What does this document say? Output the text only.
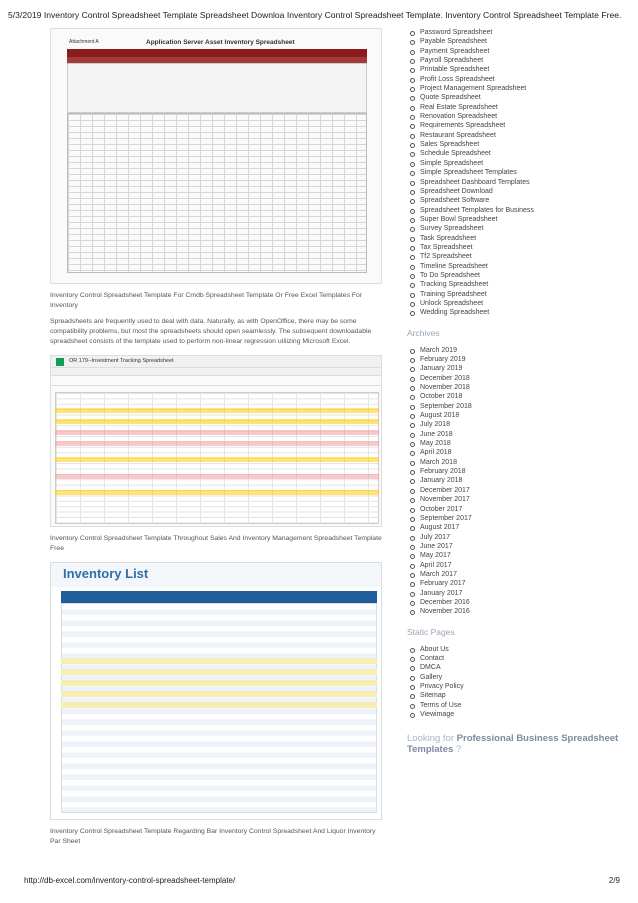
5/3/2019 Inventory Control Spreadsheet Template Spreadsheet Downloa Inventory Control Spreadsheet Template. Inventory Control Spreadsheet Template Free.
Attachment A	Application Server Asset Inventory Spreadsheet

Inventory Control Spreadsheet Template For Cmdb Spreadsheet Template Or Free Excel Templates For Inventory

Spreadsheets are frequently used to deal with data. Naturally, as with OpenOffice, there may be some compatibility problems, but most the spreadsheets should open seamlessly. The subsequent downloadable spreadsheet consists of the template used to perform non-linear regression utilizing Microsoft Excel.

OR 179--Investment Tracking Spreadsheet

Inventory Control Spreadsheet Template Throughout Sales And Inventory Management Spreadsheet Template Free

Inventory List

Inventory Control Spreadsheet Template Regarding Bar Inventory Control Spreadsheet And Liquor Inventory Par Sheet

Password Spreadsheet
Payable Spreadsheet
Payment Spreadsheet
Payroll Spreadsheet
Printable Spreadsheet
Profit Loss Spreadsheet
Project Management Spreadsheet
Quote Spreadsheet
Real Estate Spreadsheet
Renovation Spreadsheet
Requirements Spreadsheet
Restaurant Spreadsheet
Sales Spreadsheet
Schedule Spreadsheet
Simple Spreadsheet
Simple Spreadsheet Templates
Spreadsheet Dashboard Templates
Spreadsheet Download
Spreadsheet Software
Spreadsheet Templates for Business
Super Bowl Spreadsheet
Survey Spreadsheet
Task Spreadsheet
Tax Spreadsheet
Tf2 Spreadsheet
Timeline Spreadsheet
To Do Spreadsheet
Tracking Spreadsheet
Training Spreadsheet
Unlock Spreadsheet
Wedding Spreadsheet
Archives
March 2019
February 2019
January 2019
December 2018
November 2018
October 2018
September 2018
August 2018
July 2018
June 2018
May 2018
April 2018
March 2018
February 2018
January 2018
December 2017
November 2017
October 2017
September 2017
August 2017
July 2017
June 2017
May 2017
April 2017
March 2017
February 2017
January 2017
December 2016
November 2016
Static Pages
About Us
Contact
DMCA
Gallery
Privacy Policy
Sitemap
Terms of Use
Viewimage
Looking for Professional Business Spreadsheet Templates ?
http://db-excel.com/inventory-control-spreadsheet-template/	2/9
